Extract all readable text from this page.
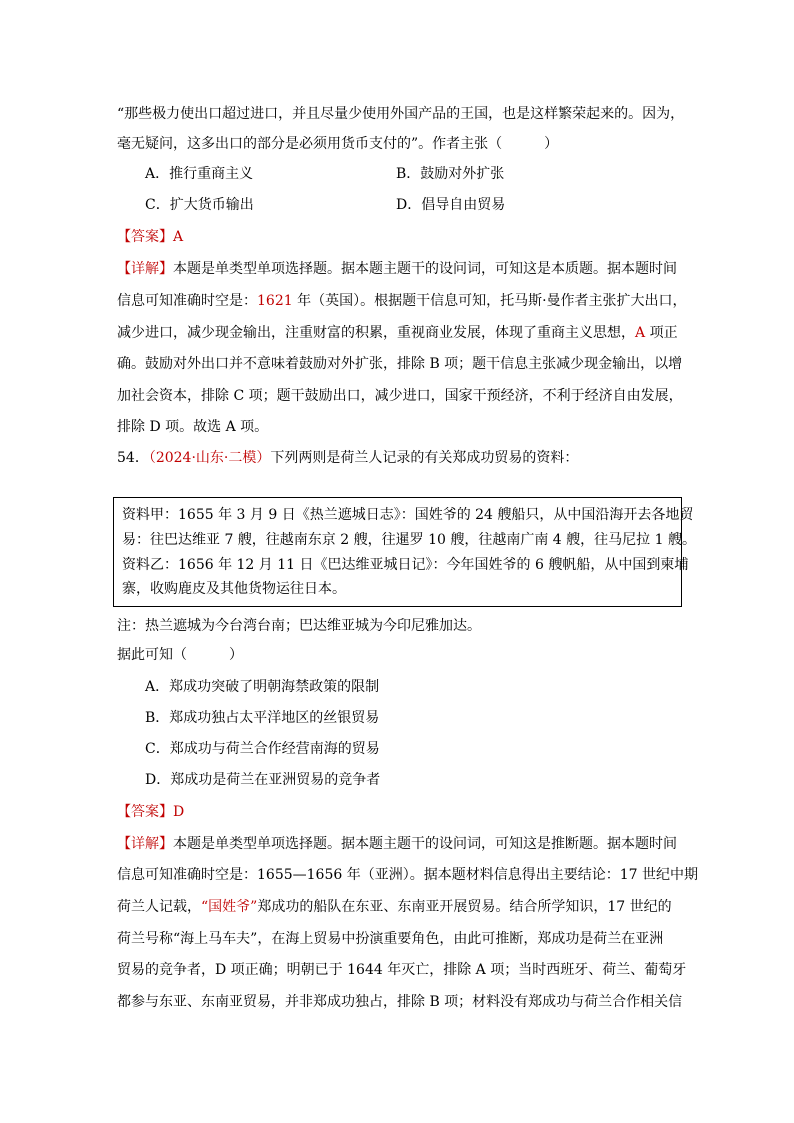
“那些极力使出口超过进口，并且尽量少使用外国产品的王国，也是这样繁荣起来的。因为，
毫无疑问，这多出口的部分是必须用货币支付的”。作者主张（　　　）
A．推行重商主义	B．鼓励对外扩张
C．扩大货币输出	D．倡导自由贸易
【答案】A
【详解】本题是单类型单项选择题。据本题主题干的设问词，可知这是本质题。据本题时间
信息可知准确时空是：1621 年（英国）。根据题干信息可知，托马斯·曼作者主张扩大出口，
减少进口，减少现金输出，注重财富的积累，重视商业发展，体现了重商主义思想，A 项正
确。鼓励对外出口并不意味着鼓励对外扩张，排除 B 项；题干信息主张减少现金输出，以增
加社会资本，排除 C 项；题干鼓励出口，减少进口，国家干预经济，不利于经济自由发展，
排除 D 项。故选 A 项。
54．（2024·山东·二模）下列两则是荷兰人记录的有关郑成功贸易的资料：
资料甲：1655 年 3 月 9 日《热兰遮城日志》：国姓爷的 24 艘船只，从中国沿海开去各地贸
易：往巴达维亚 7 艘，往越南东京 2 艘，往暹罗 10 艘，往越南广南 4 艘，往马尼拉 1 艘。
资料乙：1656 年 12 月 11 日《巴达维亚城日记》：今年国姓爷的 6 艘帆船，从中国到柬埔
寨，收购鹿皮及其他货物运往日本。
注：热兰遮城为今台湾台南；巴达维亚城为今印尼雅加达。
据此可知（　　　）
A．郑成功突破了明朝海禁政策的限制
B．郑成功独占太平洋地区的丝银贸易
C．郑成功与荷兰合作经营南海的贸易
D．郑成功是荷兰在亚洲贸易的竞争者
【答案】D
【详解】本题是单类型单项选择题。据本题主题干的设问词，可知这是推断题。据本题时间
信息可知准确时空是：1655—1656 年（亚洲）。据本题材料信息得出主要结论：17 世纪中期
荷兰人记载，“国姓爷”郑成功的船队在东亚、东南亚开展贸易。结合所学知识，17 世纪的
荷兰号称“海上马车夫”，在海上贸易中扮演重要角色，由此可推断，郑成功是荷兰在亚洲
贸易的竞争者，D 项正确；明朝已于 1644 年灭亡，排除 A 项；当时西班牙、荷兰、葡萄牙
都参与东亚、东南亚贸易，并非郑成功独占，排除 B 项；材料没有郑成功与荷兰合作相关信
